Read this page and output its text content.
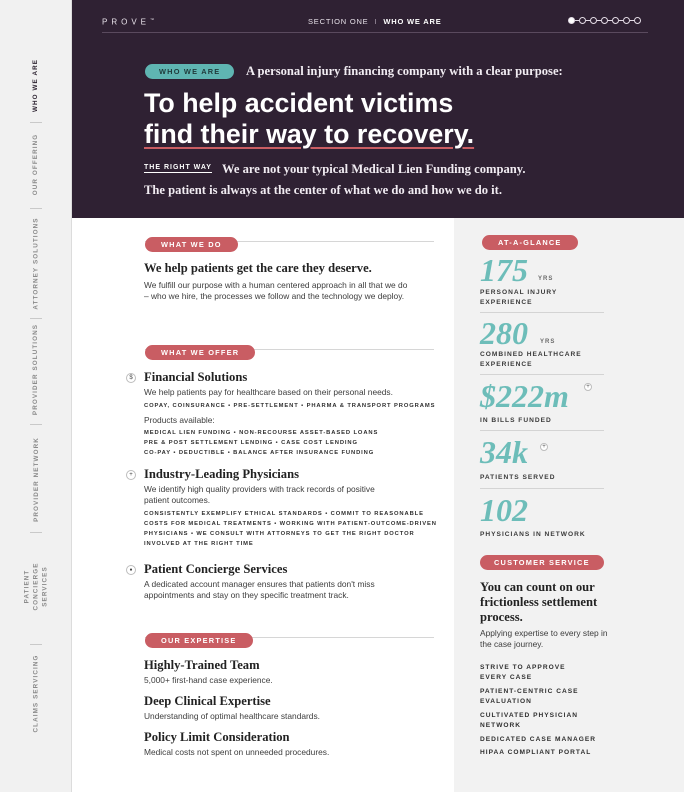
WHO WE ARE
OUR OFFERING
ATTORNEY SOLUTIONS
PROVIDER SOLUTIONS
PROVIDER NETWORK
PATIENT CONCIERGE SERVICES
CLAIMS SERVICING
PROVE™	SECTION ONE I WHO WE ARE
WHO WE ARE	A personal injury financing company with a clear purpose:
To help accident victims
find their way to recovery.
THE RIGHT WAY We are not your typical Medical Lien Funding company.
The patient is always at the center of what we do and how we do it.
WHAT WE DO
We help patients get the care they deserve.
We fulfill our purpose with a human centered approach in all that we do – who we hire, the processes we follow and the technology we deploy.
WHAT WE OFFER
$ Financial Solutions
We help patients pay for healthcare based on their personal needs.
COPAY, COINSURANCE • PRE-SETTLEMENT • PHARMA & TRANSPORT PROGRAMS
Products available:
MEDICAL LIEN FUNDING • NON-RECOURSE ASSET-BASED LOANS
PRE & POST SETTLEMENT LENDING • CASE COST LENDING
CO-PAY • DEDUCTIBLE • BALANCE AFTER INSURANCE FUNDING
+ Industry-Leading Physicians
We identify high quality providers with track records of positive patient outcomes.
CONSISTENTLY EXEMPLIFY ETHICAL STANDARDS • COMMIT TO REASONABLE
COSTS FOR MEDICAL TREATMENTS • WORKING WITH PATIENT-OUTCOME-DRIVEN
PHYSICIANS • WE CONSULT WITH ATTORNEYS TO GET THE RIGHT DOCTOR
INVOLVED AT THE RIGHT TIME
● Patient Concierge Services
A dedicated account manager ensures that patients don't miss appointments and stay on they specific treatment track.
OUR EXPERTISE
Highly-Trained Team
5,000+ first-hand case experience.
Deep Clinical Expertise
Understanding of optimal healthcare standards.
Policy Limit Consideration
Medical costs not spent on unneeded procedures.
AT-A-GLANCE
175 YRS
PERSONAL INJURY EXPERIENCE
280 YRS
COMBINED HEALTHCARE EXPERIENCE
$222m	+
IN BILLS FUNDED
34k	+
PATIENTS SERVED
102
PHYSICIANS IN NETWORK
CUSTOMER SERVICE
You can count on our frictionless settlement process.
Applying expertise to every step in the case journey.
STRIVE TO APPROVE EVERY CASE
PATIENT-CENTRIC CASE EVALUATION
CULTIVATED PHYSICIAN NETWORK
DEDICATED CASE MANAGER
HIPAA COMPLIANT PORTAL
